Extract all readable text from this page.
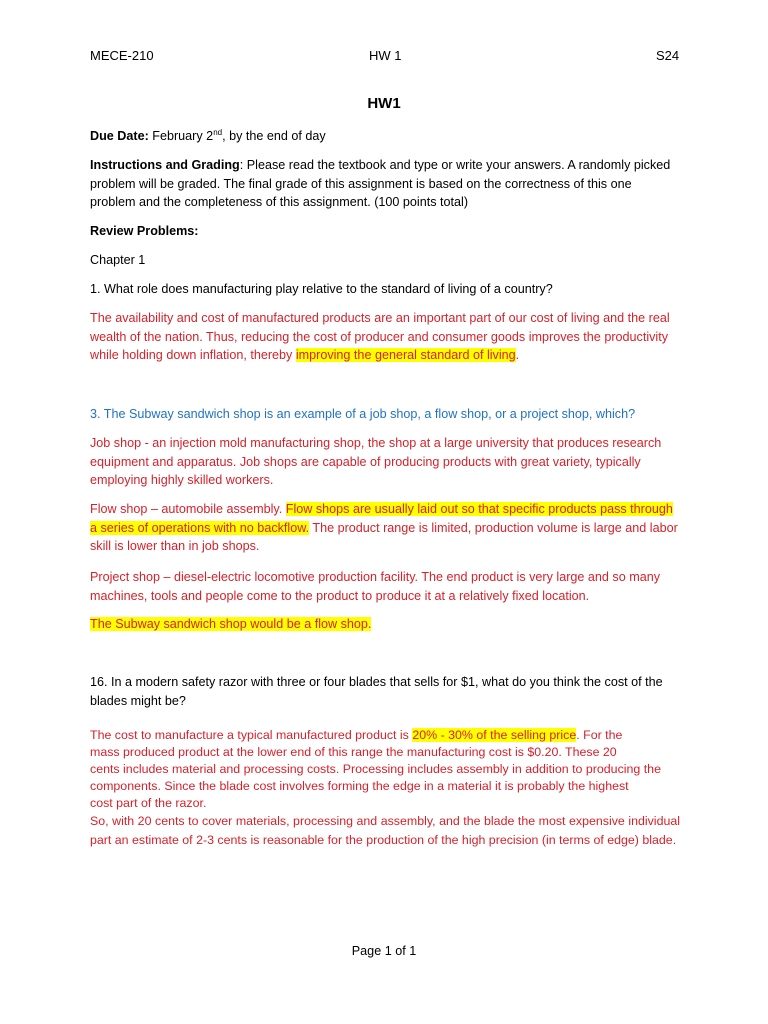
MECE-210	HW 1	S24
HW1
Due Date: February 2nd, by the end of day
Instructions and Grading: Please read the textbook and type or write your answers. A randomly picked problem will be graded. The final grade of this assignment is based on the correctness of this one problem and the completeness of this assignment. (100 points total)
Review Problems:
Chapter 1
1. What role does manufacturing play relative to the standard of living of a country?
The availability and cost of manufactured products are an important part of our cost of living and the real wealth of the nation. Thus, reducing the cost of producer and consumer goods improves the productivity while holding down inflation, thereby improving the general standard of living.
3. The Subway sandwich shop is an example of a job shop, a flow shop, or a project shop, which?
Job shop - an injection mold manufacturing shop, the shop at a large university that produces research equipment and apparatus. Job shops are capable of producing products with great variety, typically employing highly skilled workers.
Flow shop – automobile assembly. Flow shops are usually laid out so that specific products pass through a series of operations with no backflow. The product range is limited, production volume is large and labor skill is lower than in job shops.
Project shop – diesel-electric locomotive production facility. The end product is very large and so many machines, tools and people come to the product to produce it at a relatively fixed location.
The Subway sandwich shop would be a flow shop.
16. In a modern safety razor with three or four blades that sells for $1, what do you think the cost of the blades might be?
The cost to manufacture a typical manufactured product is 20% - 30% of the selling price. For the
mass produced product at the lower end of this range the manufacturing cost is $0.20. These 20
cents includes material and processing costs. Processing includes assembly in addition to producing the
components. Since the blade cost involves forming the edge in a material it is probably the highest
cost part of the razor.
So, with 20 cents to cover materials, processing and assembly, and the blade the most expensive individual part an estimate of 2-3 cents is reasonable for the production of the high precision (in terms of edge) blade.
Page 1 of 1
